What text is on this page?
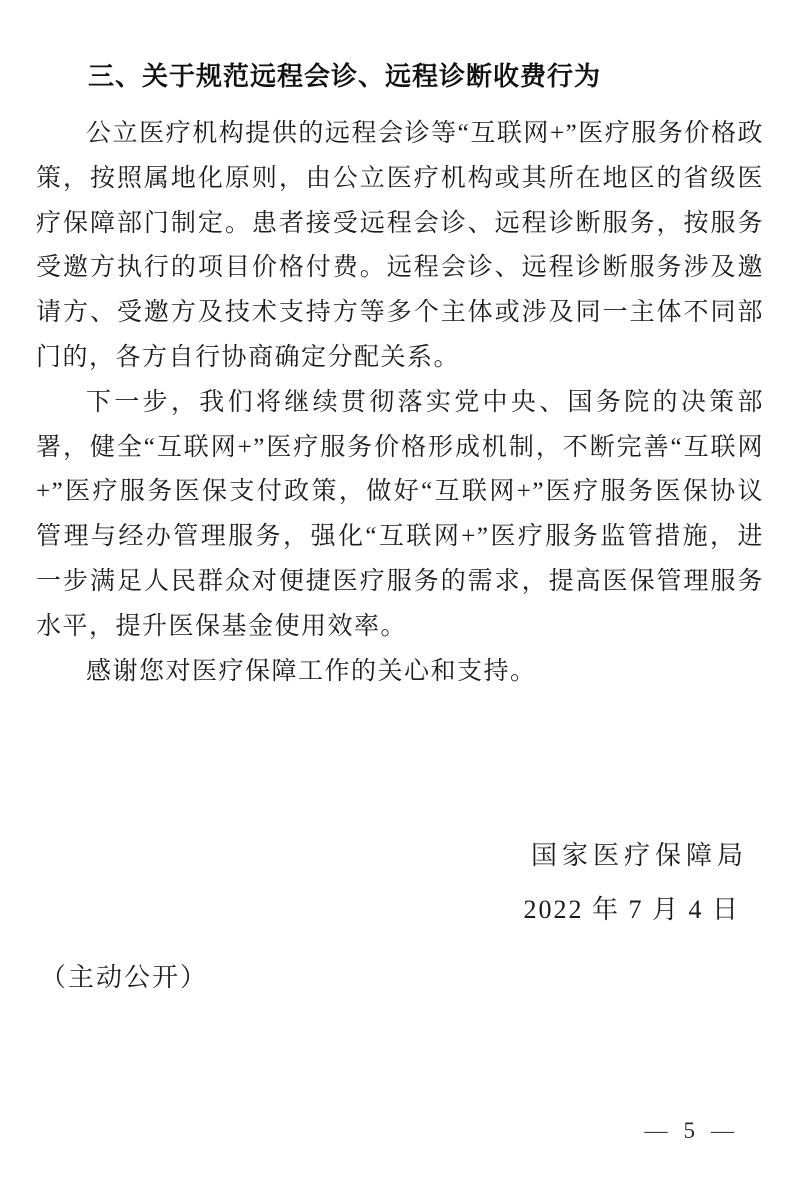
三、关于规范远程会诊、远程诊断收费行为

公立医疗机构提供的远程会诊等“互联网+”医疗服务价格政策，按照属地化原则，由公立医疗机构或其所在地区的省级医疗保障部门制定。患者接受远程会诊、远程诊断服务，按服务受邀方执行的项目价格付费。远程会诊、远程诊断服务涉及邀请方、受邀方及技术支持方等多个主体或涉及同一主体不同部门的，各方自行协商确定分配关系。

下一步，我们将继续贯彻落实党中央、国务院的决策部署，健全“互联网+”医疗服务价格形成机制，不断完善“互联网+”医疗服务医保支付政策，做好“互联网+”医疗服务医保协议管理与经办管理服务，强化“互联网+”医疗服务监管措施，进一步满足人民群众对便捷医疗服务的需求，提高医保管理服务水平，提升医保基金使用效率。

感谢您对医疗保障工作的关心和支持。

国家医疗保障局
2022 年 7 月 4 日
（主动公开）

— 5 —
